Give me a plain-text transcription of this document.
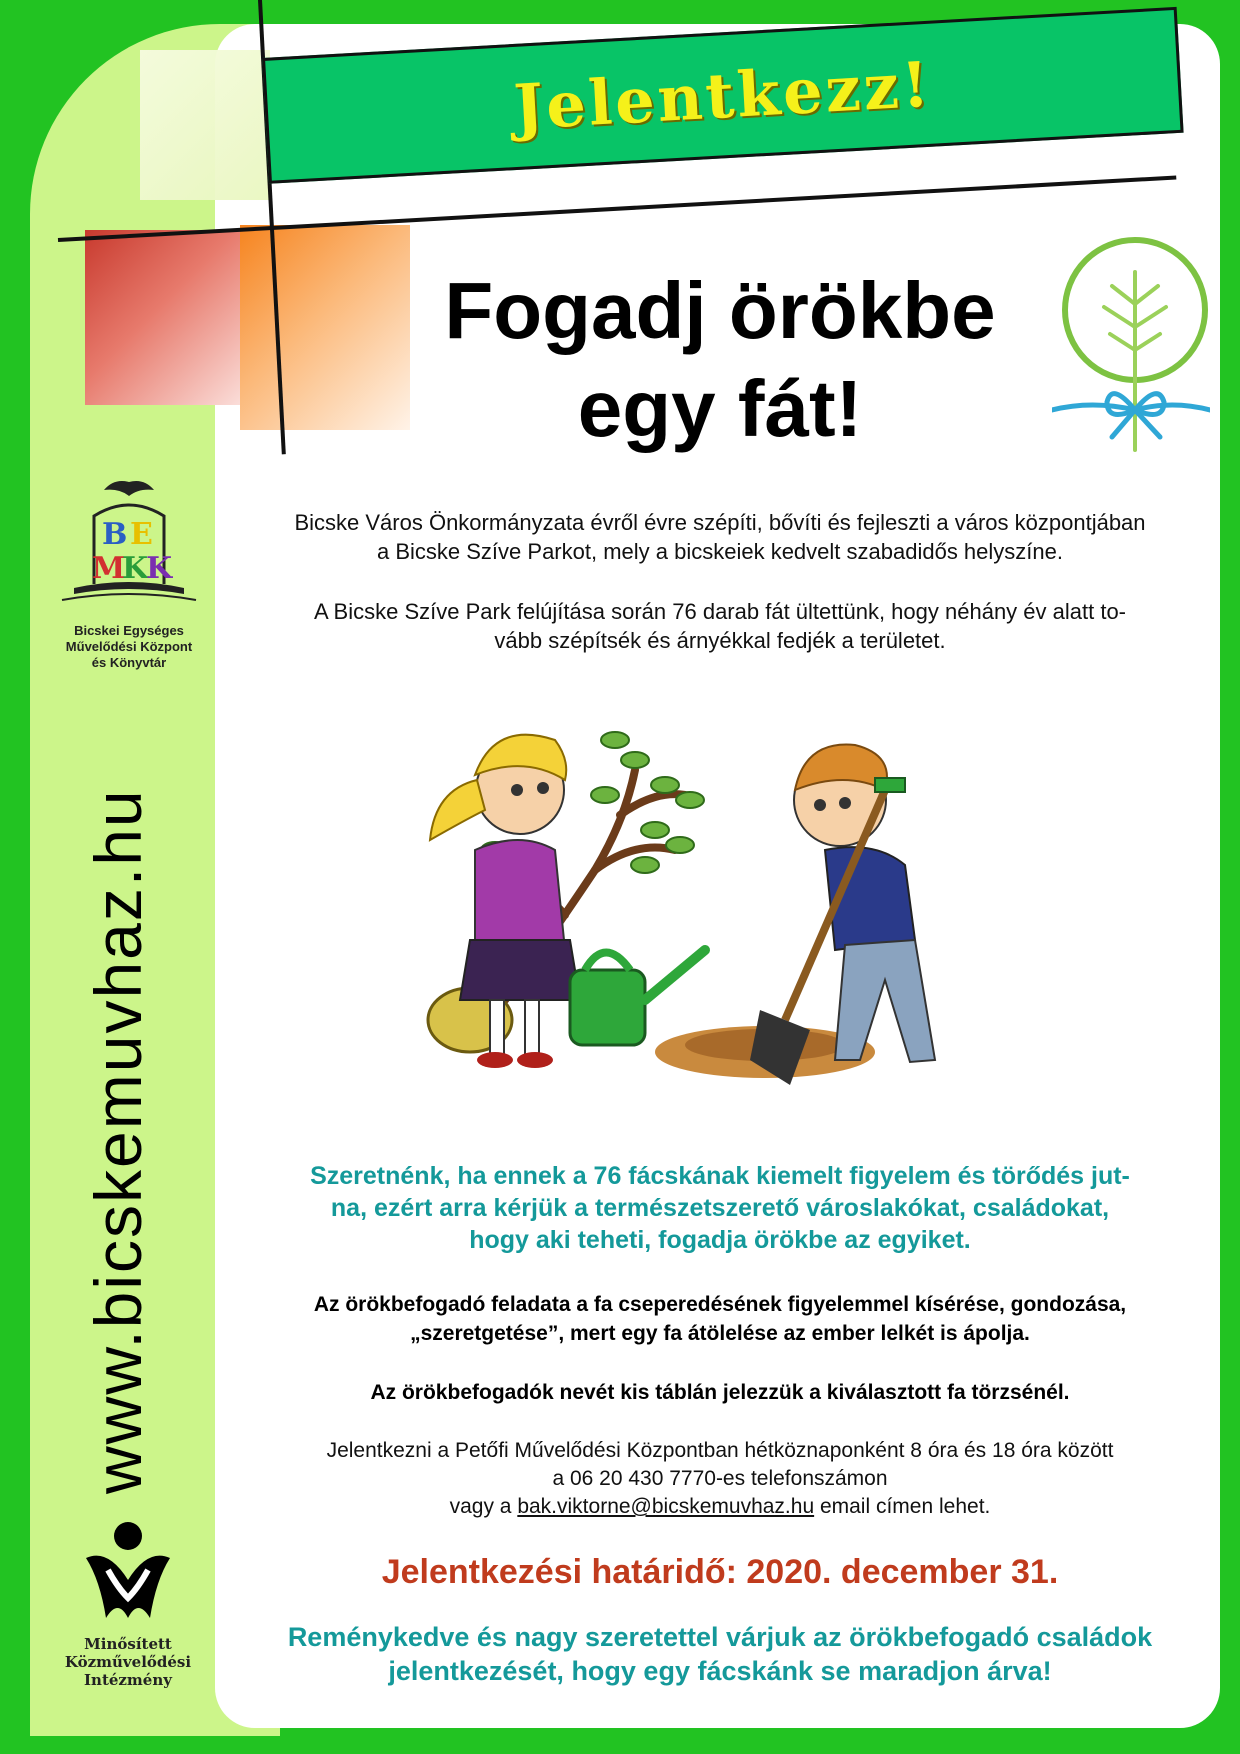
Jelentkezz!
Fogadj örökbe
egy fát!
B E
M
K
K
Bicskei Egységes
Művelődési Központ
és Könyvtár
www.bicskemuvhaz.hu
Minősített
Közművelődési
Intézmény
Bicske Város Önkormányzata évről évre szépíti, bővíti és fejleszti a város központjában
a Bicske Szíve Parkot, mely a bicskeiek kedvelt szabadidős helyszíne.
A Bicske Szíve Park felújítása során 76 darab fát ültettünk, hogy néhány év alatt to-
vább szépítsék és árnyékkal fedjék a területet.
Szeretnénk, ha ennek a 76 fácskának kiemelt figyelem és törődés jut-
na, ezért arra kérjük a természetszerető városlakókat, családokat,
hogy aki teheti, fogadja örökbe az egyiket.
Az örökbefogadó feladata a fa cseperedésének figyelemmel kísérése, gondozása,
„szeretgetése”, mert egy fa átölelése az ember lelkét is ápolja.
Az örökbefogadók nevét kis táblán jelezzük a kiválasztott fa törzsénél.
Jelentkezni a Petőfi Művelődési Központban hétköznaponként 8 óra és 18 óra között
a 06 20 430 7770-es telefonszámon
vagy a bak.viktorne@bicskemuvhaz.hu email címen lehet.
Jelentkezési határidő: 2020. december 31.
Reménykedve és nagy szeretettel várjuk az örökbefogadó családok
jelentkezését, hogy egy fácskánk se maradjon árva!
